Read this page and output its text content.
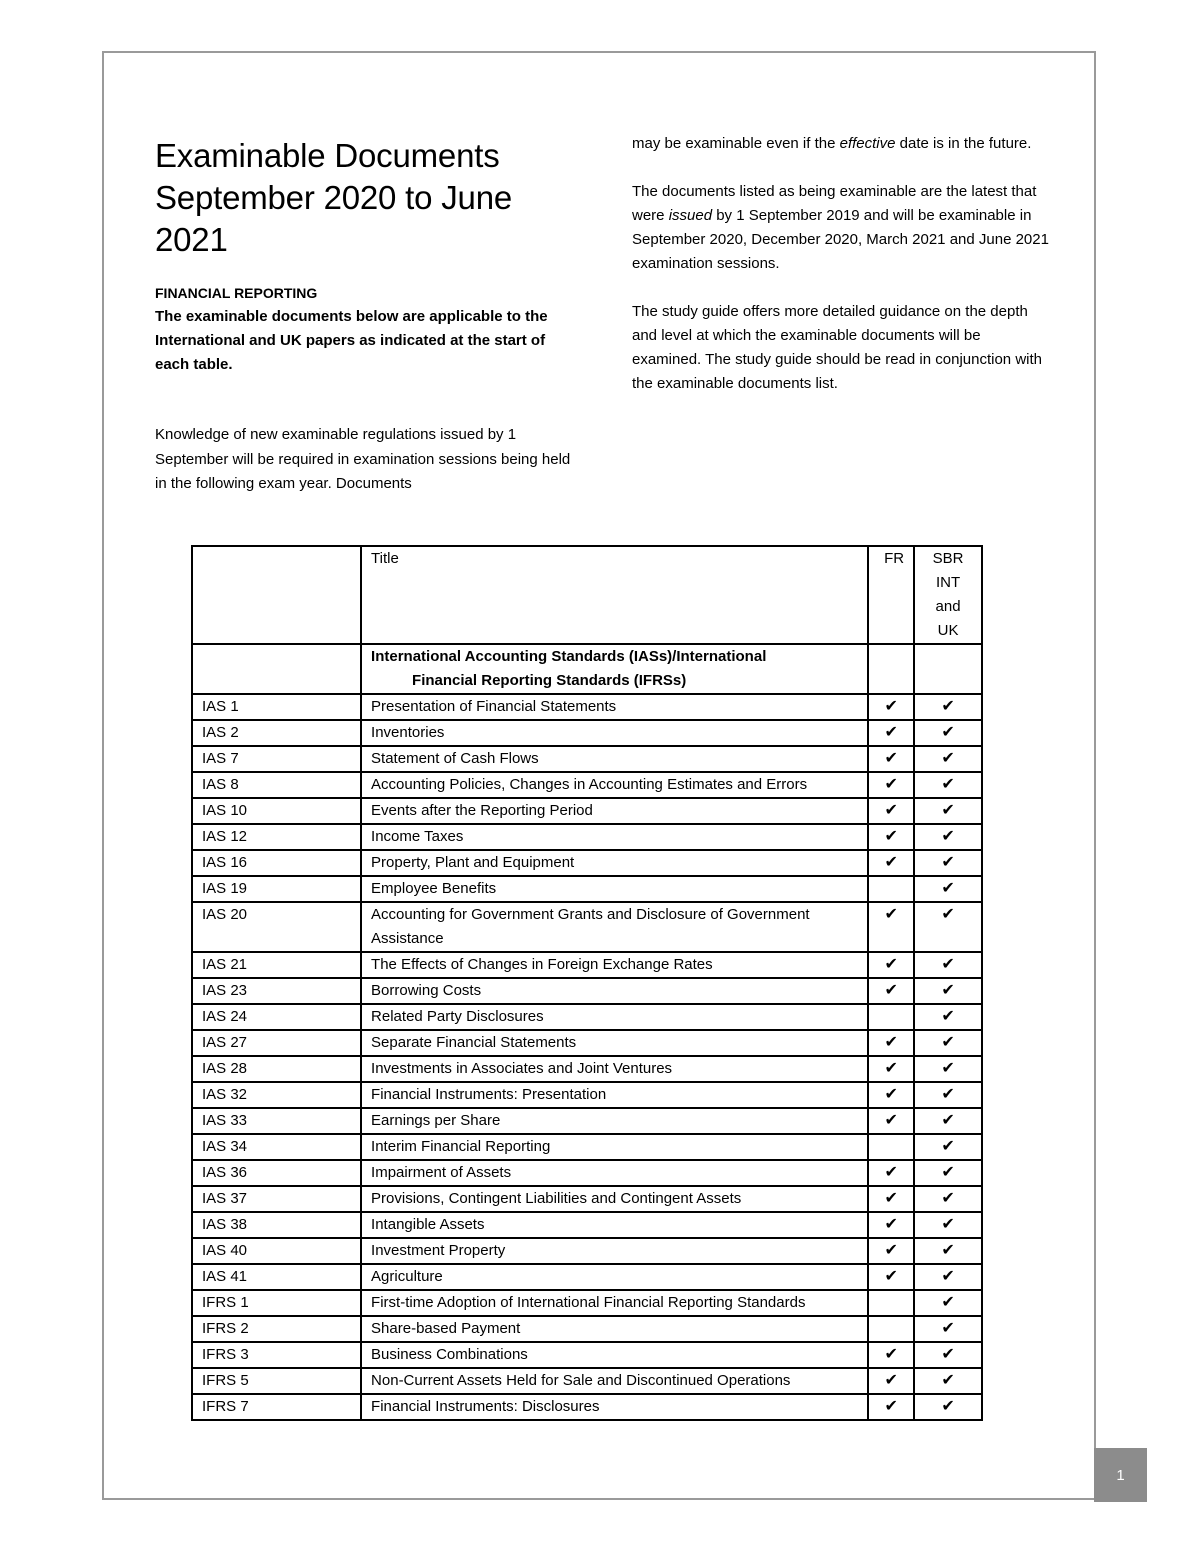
Examinable Documents
September 2020 to June
2021

FINANCIAL REPORTING

The examinable documents below are applicable to the International and UK papers as indicated at the start of each table.

Knowledge of new examinable regulations issued by 1 September will be required in examination sessions being held in the following exam year. Documents

may be examinable even if the effective date is in the future.

The documents listed as being examinable are the latest that were issued by 1 September 2019 and will be examinable in September 2020, December 2020, March 2021 and June 2021 examination sessions.

The study guide offers more detailed guidance on the depth and level at which the examinable documents will be examined. The study guide should be read in conjunction with the examinable documents list.

	Title	FR	SBR
INT
and
UK
	International Accounting Standards (IASs)/International
Financial Reporting Standards (IFRSs)		

IAS 1	Presentation of Financial Statements	✔	✔
IAS 2	Inventories	✔	✔
IAS 7	Statement of Cash Flows	✔	✔
IAS 8	Accounting Policies, Changes in Accounting Estimates and Errors	✔	✔
IAS 10	Events after the Reporting Period	✔	✔
IAS 12	Income Taxes	✔	✔
IAS 16	Property, Plant and Equipment	✔	✔
IAS 19	Employee Benefits		✔
IAS 20	Accounting for Government Grants and Disclosure of Government Assistance	✔	✔
IAS 21	The Effects of Changes in Foreign Exchange Rates	✔	✔
IAS 23	Borrowing Costs	✔	✔
IAS 24	Related Party Disclosures		✔
IAS 27	Separate Financial Statements	✔	✔
IAS 28	Investments in Associates and Joint Ventures	✔	✔
IAS 32	Financial Instruments: Presentation	✔	✔
IAS 33	Earnings per Share	✔	✔
IAS 34	Interim Financial Reporting		✔
IAS 36	Impairment of Assets	✔	✔
IAS 37	Provisions, Contingent Liabilities and Contingent Assets	✔	✔
IAS 38	Intangible Assets	✔	✔
IAS 40	Investment Property	✔	✔
IAS 41	Agriculture	✔	✔
IFRS 1	First-time Adoption of International Financial Reporting Standards		✔
IFRS 2	Share-based Payment		✔
IFRS 3	Business Combinations	✔	✔
IFRS 5	Non-Current Assets Held for Sale and Discontinued Operations	✔	✔
IFRS 7	Financial Instruments: Disclosures	✔	✔
1
